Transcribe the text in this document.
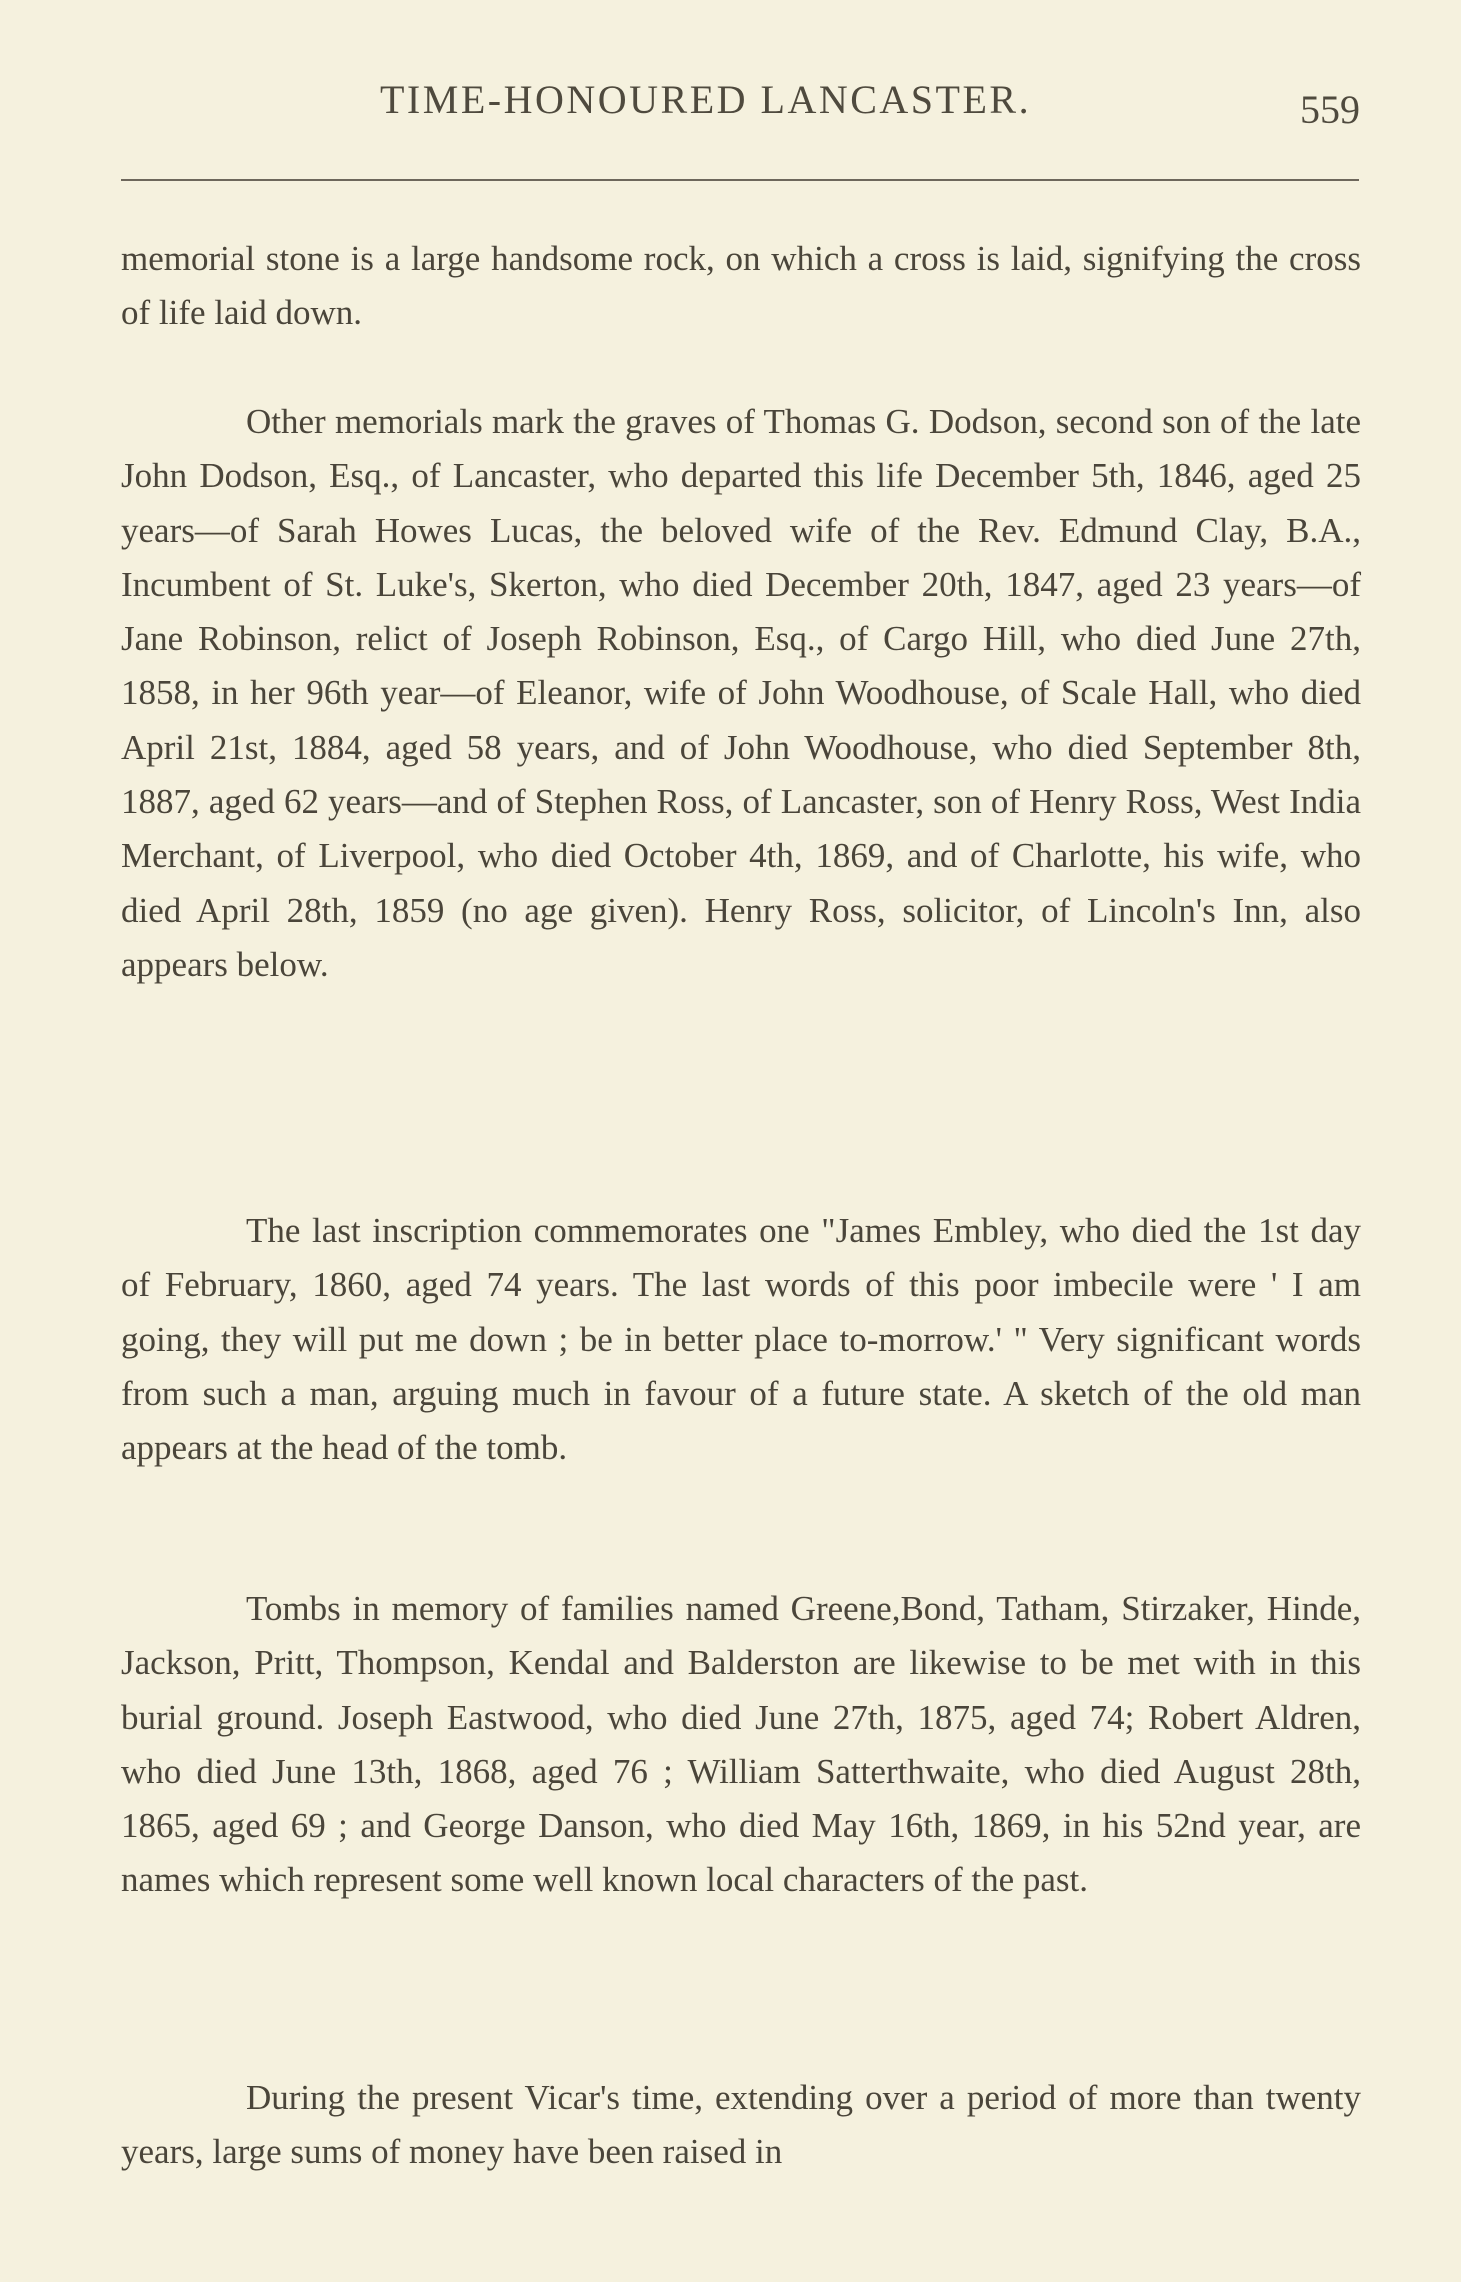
TIME-HONOURED LANCASTER.	559

memorial stone is a large handsome rock, on which a cross is laid, signifying the cross of life laid down.

Other memorials mark the graves of Thomas G. Dodson, second son of the late John Dodson, Esq., of Lancaster, who departed this life December 5th, 1846, aged 25 years—of Sarah Howes Lucas, the beloved wife of the Rev. Edmund Clay, B.A., Incumbent of St. Luke's, Skerton, who died December 20th, 1847, aged 23 years—of Jane Robinson, relict of Joseph Robinson, Esq., of Cargo Hill, who died June 27th, 1858, in her 96th year—of Eleanor, wife of John Woodhouse, of Scale Hall, who died April 21st, 1884, aged 58 years, and of John Woodhouse, who died September 8th, 1887, aged 62 years—and of Stephen Ross, of Lancaster, son of Henry Ross, West India Merchant, of Liverpool, who died October 4th, 1869, and of Charlotte, his wife, who died April 28th, 1859 (no age given). Henry Ross, solicitor, of Lincoln's Inn, also appears below.

The last inscription commemorates one "James Embley, who died the 1st day of February, 1860, aged 74 years. The last words of this poor imbecile were ' I am going, they will put me down ; be in better place to-morrow.' " Very significant words from such a man, arguing much in favour of a future state. A sketch of the old man appears at the head of the tomb.

Tombs in memory of families named Greene,Bond, Tatham, Stirzaker, Hinde, Jackson, Pritt, Thompson, Kendal and Balderston are likewise to be met with in this burial ground. Joseph Eastwood, who died June 27th, 1875, aged 74; Robert Aldren, who died June 13th, 1868, aged 76 ; William Satterthwaite, who died August 28th, 1865, aged 69 ; and George Danson, who died May 16th, 1869, in his 52nd year, are names which represent some well known local characters of the past.

During the present Vicar's time, extending over a period of more than twenty years, large sums of money have been raised in
